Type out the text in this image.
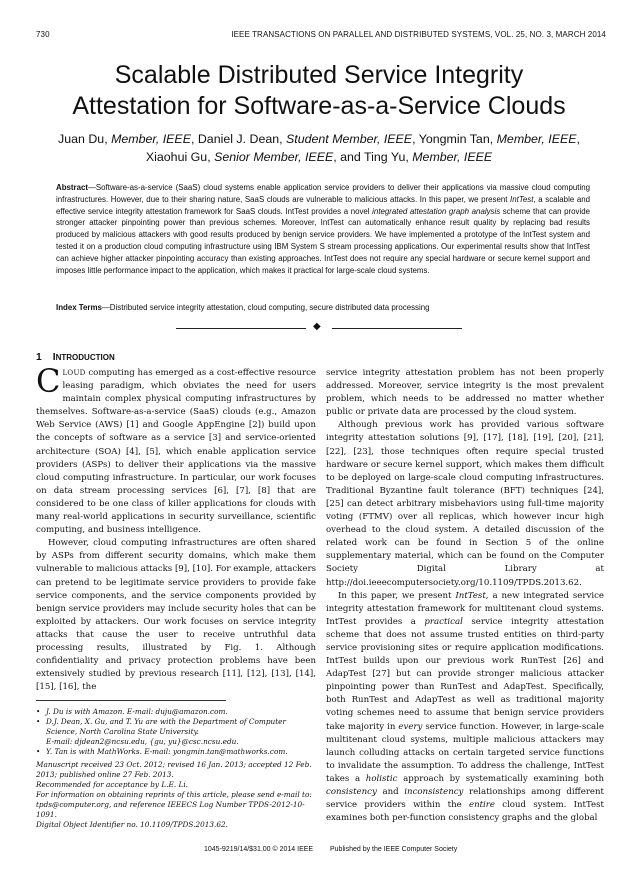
730	IEEE TRANSACTIONS ON PARALLEL AND DISTRIBUTED SYSTEMS, VOL. 25, NO. 3, MARCH 2014
Scalable Distributed Service Integrity
Attestation for Software-as-a-Service Clouds
Juan Du, Member, IEEE, Daniel J. Dean, Student Member, IEEE, Yongmin Tan, Member, IEEE,
Xiaohui Gu, Senior Member, IEEE, and Ting Yu, Member, IEEE
Abstract—Software-as-a-service (SaaS) cloud systems enable application service providers to deliver their applications via massive cloud computing infrastructures. However, due to their sharing nature, SaaS clouds are vulnerable to malicious attacks. In this paper, we present IntTest, a scalable and effective service integrity attestation framework for SaaS clouds. IntTest provides a novel integrated attestation graph analysis scheme that can provide stronger attacker pinpointing power than previous schemes. Moreover, IntTest can automatically enhance result quality by replacing bad results produced by malicious attackers with good results produced by benign service providers. We have implemented a prototype of the IntTest system and tested it on a production cloud computing infrastructure using IBM System S stream processing applications. Our experimental results show that IntTest can achieve higher attacker pinpointing accuracy than existing approaches. IntTest does not require any special hardware or secure kernel support and imposes little performance impact to the application, which makes it practical for large-scale cloud systems.
Index Terms—Distributed service integrity attestation, cloud computing, secure distributed data processing
◆
1 INTRODUCTION

CLOUD computing has emerged as a cost-effective resource leasing paradigm, which obviates the need for users maintain complex physical computing infrastructures by themselves. Software-as-a-service (SaaS) clouds (e.g., Amazon Web Service (AWS) [1] and Google AppEngine [2]) build upon the concepts of software as a service [3] and service-oriented architecture (SOA) [4], [5], which enable application service providers (ASPs) to deliver their applications via the massive cloud computing infrastructure. In particular, our work focuses on data stream processing services [6], [7], [8] that are considered to be one class of killer applications for clouds with many real-world applications in security surveillance, scientific computing, and business intelligence.

However, cloud computing infrastructures are often shared by ASPs from different security domains, which make them vulnerable to malicious attacks [9], [10]. For example, attackers can pretend to be legitimate service providers to provide fake service components, and the service components provided by benign service providers may include security holes that can be exploited by attackers. Our work focuses on service integrity attacks that cause the user to receive untruthful data processing results, illustrated by Fig. 1. Although confidentiality and privacy protection problems have been extensively studied by previous research [11], [12], [13], [14], [15], [16], the

• J. Du is with Amazon. E-mail: duju@amazon.com.
• D.J. Dean, X. Gu, and T. Yu are with the Department of Computer Science, North Carolina State University.
E-mail: djdean2@ncsu.edu, {gu, yu}@csc.ncsu.edu.
• Y. Tan is with MathWorks. E-mail: yongmin.tan@mathworks.com.
Manuscript received 23 Oct. 2012; revised 16 Jan. 2013; accepted 12 Feb. 2013; published online 27 Feb. 2013.
Recommended for acceptance by L.E. Li.
For information on obtaining reprints of this article, please send e-mail to: tpds@computer.org, and reference IEEECS Log Number TPDS-2012-10-1091.
Digital Object Identifier no. 10.1109/TPDS.2013.62.

service integrity attestation problem has not been properly addressed. Moreover, service integrity is the most prevalent problem, which needs to be addressed no matter whether public or private data are processed by the cloud system.

Although previous work has provided various software integrity attestation solutions [9], [17], [18], [19], [20], [21], [22], [23], those techniques often require special trusted hardware or secure kernel support, which makes them difficult to be deployed on large-scale cloud computing infrastructures. Traditional Byzantine fault tolerance (BFT) techniques [24], [25] can detect arbitrary misbehaviors using full-time majority voting (FTMV) over all replicas, which however incur high overhead to the cloud system. A detailed discussion of the related work can be found in Section 5 of the online supplementary material, which can be found on the Computer Society Digital Library at http://doi.ieeecomputersociety.org/10.1109/TPDS.2013.62.

In this paper, we present IntTest, a new integrated service integrity attestation framework for multitenant cloud systems. IntTest provides a practical service integrity attestation scheme that does not assume trusted entities on third-party service provisioning sites or require application modifications. IntTest builds upon our previous work RunTest [26] and AdapTest [27] but can provide stronger malicious attacker pinpointing power than RunTest and AdapTest. Specifically, both RunTest and AdapTest as well as traditional majority voting schemes need to assume that benign service providers take majority in every service function. However, in large-scale multitenant cloud systems, multiple malicious attackers may launch colluding attacks on certain targeted service functions to invalidate the assumption. To address the challenge, IntTest takes a holistic approach by systematically examining both consistency and inconsistency relationships among different service providers within the entire cloud system. IntTest examines both per-function consistency graphs and the global

1045-9219/14/$31.00 © 2014 IEEE Published by the IEEE Computer Society
